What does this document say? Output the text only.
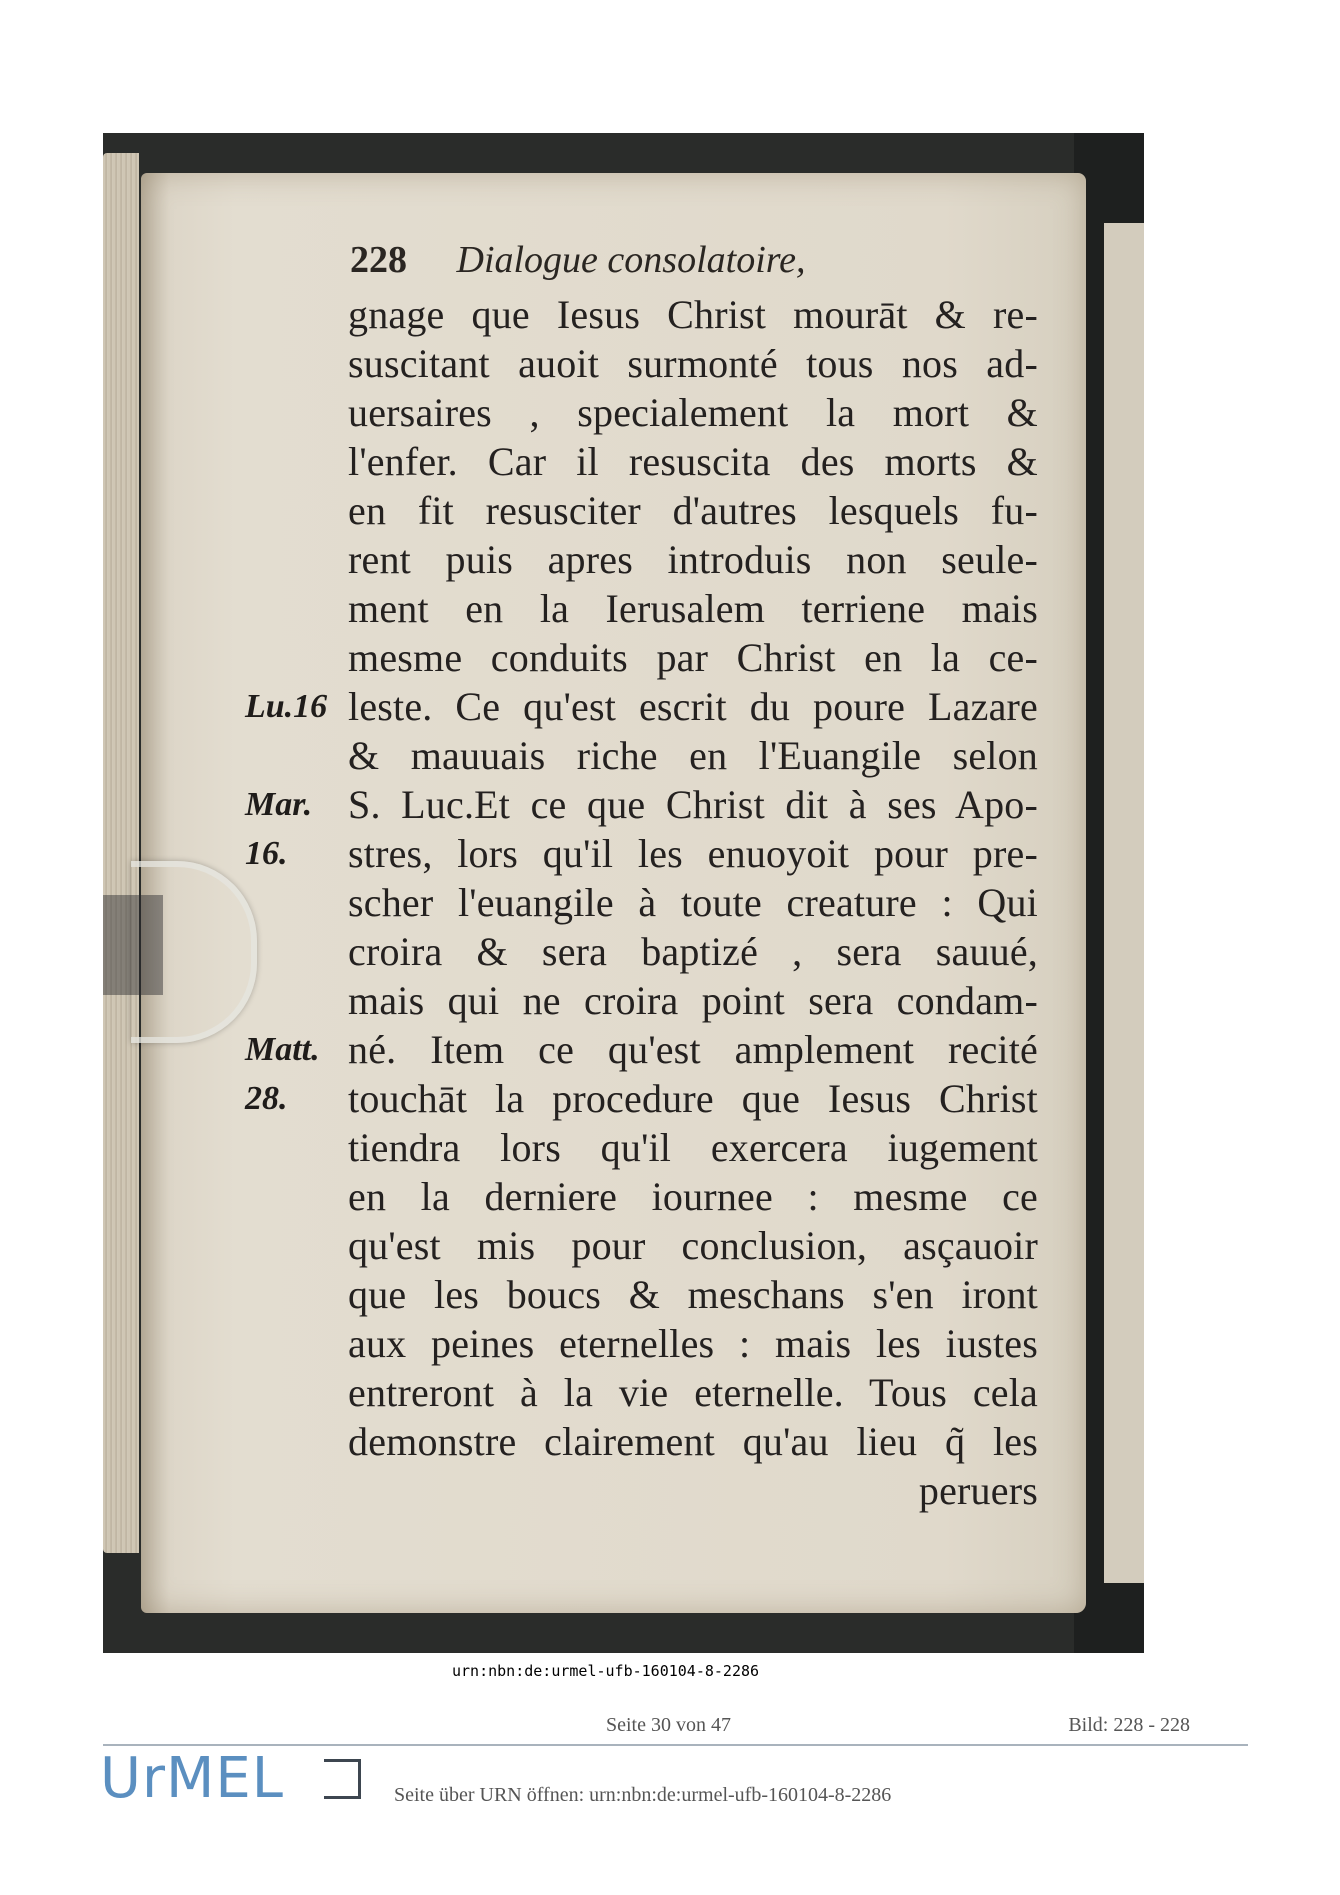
228 Dialogue consolatoire,
gnage que Iesus Christ mourāt & re-
suscitant auoit surmonté tous nos ad-
uersaires , specialement la mort &
l'enfer. Car il resuscita des morts &
en fit resusciter d'autres lesquels fu-
rent puis apres introduis non seule-
ment en la Ierusalem terriene mais
mesme conduits par Christ en la ce-
leste. Ce qu'est escrit du poure Lazare
& mauuais riche en l'Euangile selon
S. Luc.Et ce que Christ dit à ses Apo-
stres, lors qu'il les enuoyoit pour pre-
scher l'euangile à toute creature : Qui
croira & sera baptizé , sera sauué,
mais qui ne croira point sera condam-
né. Item ce qu'est amplement recité
touchāt la procedure que Iesus Christ
tiendra lors qu'il exercera iugement
en la derniere iournee : mesme ce
qu'est mis pour conclusion, asçauoir
que les boucs & meschans s'en iront
aux peines eternelles : mais les iustes
entreront à la vie eternelle. Tous cela
demonstre clairement qu'au lieu q̃ les
peruers
Lu.16
Mar.
16.
Matt.
28.
urn:nbn:de:urmel-ufb-160104-8-2286
Seite 30 von 47	Bild: 228 - 228
UrMEL	Seite über URN öffnen: urn:nbn:de:urmel-ufb-160104-8-2286
